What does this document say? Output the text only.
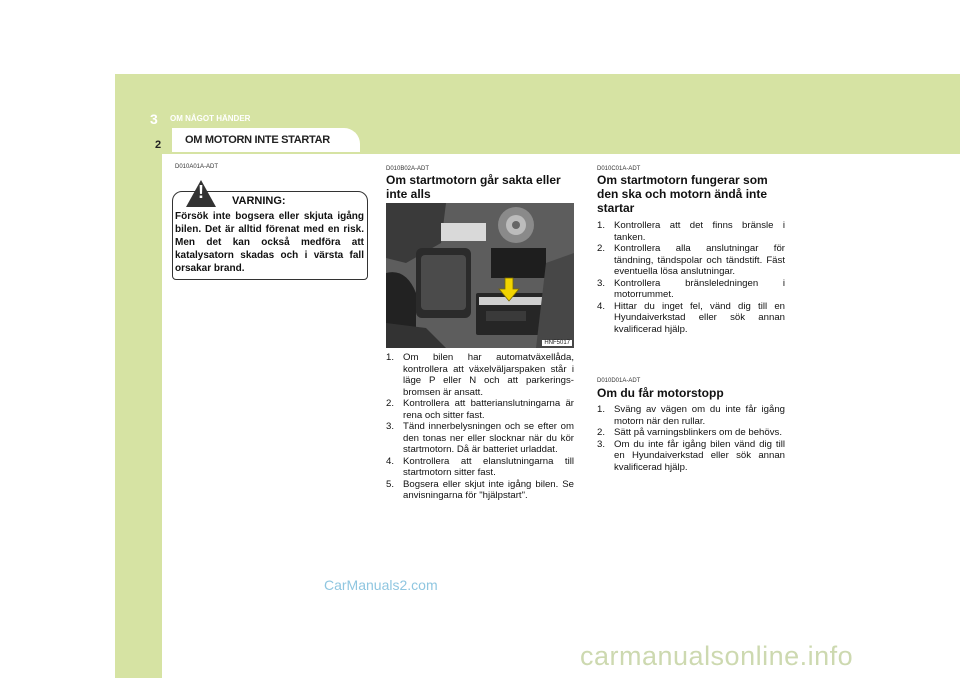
3 OM NÅGOT HÄNDER
OM MOTORN INTE STARTAR
2
D010A01A-ADT
!	VARNING:
Försök inte bogsera eller skjuta igång bilen. Det är alltid förenat med en risk. Men det kan också medföra att katalysatorn skadas och i värsta fall orsakar brand.
D010B02A-ADT
Om startmotorn går sakta eller inte alls
HNF5017
1. Om bilen har automatväxellåda, kontrollera att växelväljarspaken står i läge P eller N och att parkerings-bromsen är ansatt.
2. Kontrollera att batterianslutningarna är rena och sitter fast.
3. Tänd innerbelysningen och se efter om den tonas ner eller slocknar när du kör startmotorn. Då är batteriet urladdat.
4. Kontrollera att elanslutningarna till startmotorn sitter fast.
5. Bogsera eller skjut inte igång bilen. Se anvisningarna för "hjälpstart".
D010C01A-ADT
Om startmotorn fungerar som den ska och motorn ändå inte startar
1. Kontrollera att det finns bränsle i tanken.
2. Kontrollera alla anslutningar för tändning, tändspolar och tändstift. Fäst eventuella lösa anslutningar.
3. Kontrollera bränsleledningen i motorrummet.
4. Hittar du inget fel, vänd dig till en Hyundaiverkstad eller sök annan kvalificerad hjälp.
D010D01A-ADT
Om du får motorstopp
1. Sväng av vägen om du inte får igång motorn när den rullar.
2. Sätt på varningsblinkers om de behövs.
3. Om du inte får igång bilen vänd dig till en Hyundaiverkstad eller sök annan kvalificerad hjälp.
CarManuals2.com
carmanualsonline.info
